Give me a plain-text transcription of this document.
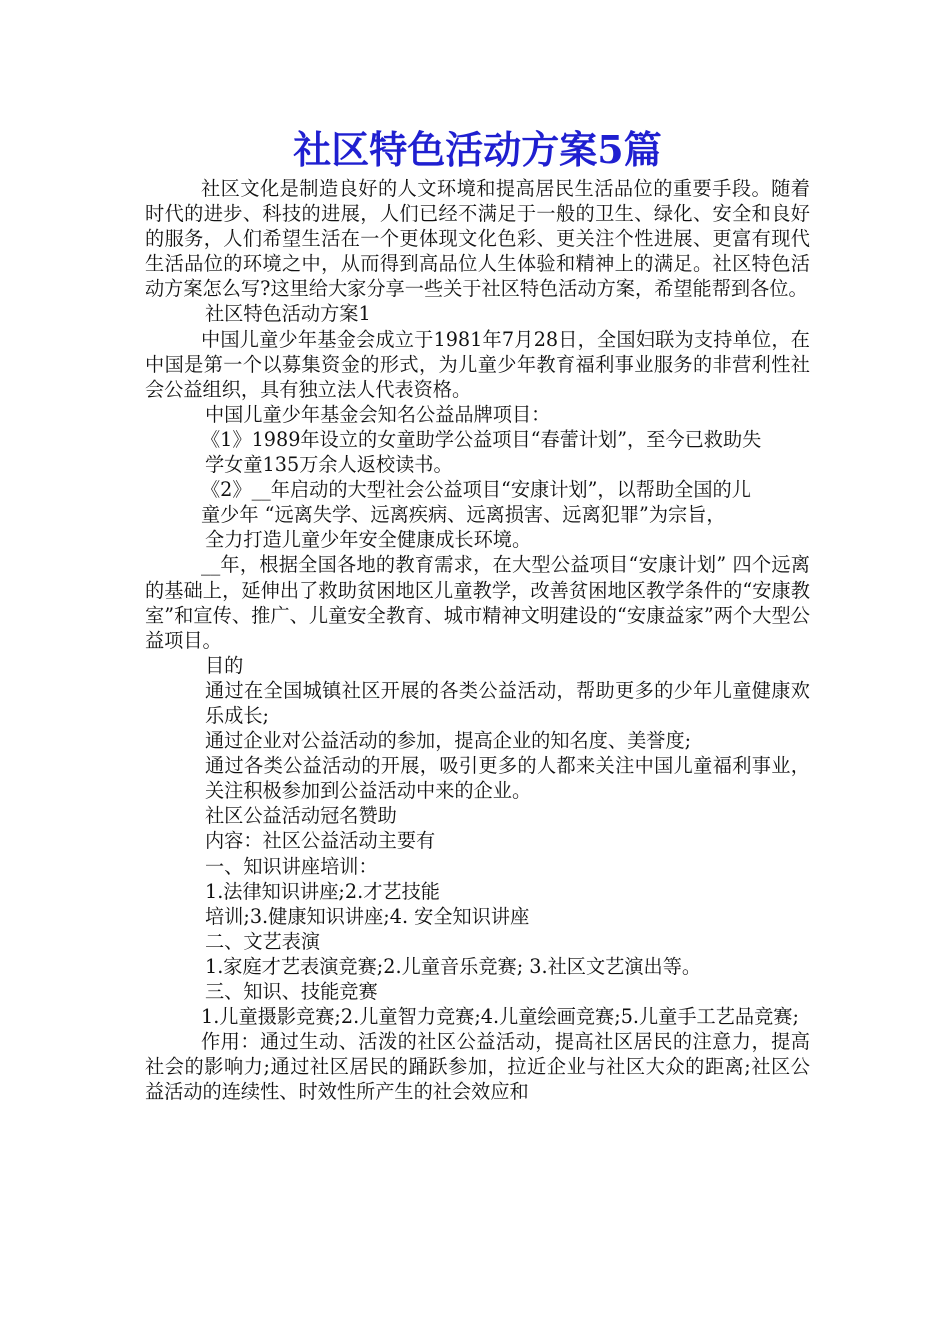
社区特色活动方案5篇

社区文化是制造良好的人文环境和提高居民生活品位的重要手段。随着时代的进步、科技的进展，人们已经不满足于一般的卫生、绿化、安全和良好的服务，人们希望生活在一个更体现文化色彩、更关注个性进展、更富有现代生活品位的环境之中，从而得到高品位人生体验和精神上的满足。社区特色活动方案怎么写?这里给大家分享一些关于社区特色活动方案，希望能帮到各位。

社区特色活动方案1

中国儿童少年基金会成立于1981年7月28日，全国妇联为支持单位，在中国是第一个以募集资金的形式，为儿童少年教育福利事业服务的非营利性社会公益组织，具有独立法人代表资格。

中国儿童少年基金会知名公益品牌项目：

《1》1989年设立的女童助学公益项目“春蕾计划”，至今已救助失

学女童135万余人返校读书。

《2》__年启动的大型社会公益项目“安康计划”，以帮助全国的儿

童少年 “远离失学、远离疾病、远离损害、远离犯罪”为宗旨，

全力打造儿童少年安全健康成长环境。

__年，根据全国各地的教育需求，在大型公益项目“安康计划” 四个远离的基础上，延伸出了救助贫困地区儿童教学，改善贫困地区教学条件的“安康教室”和宣传、推广、儿童安全教育、城市精神文明建设的“安康益家”两个大型公益项目。

目的

通过在全国城镇社区开展的各类公益活动，帮助更多的少年儿童健康欢乐成长;

通过企业对公益活动的参加，提高企业的知名度、美誉度;

通过各类公益活动的开展，吸引更多的人都来关注中国儿童福利事业，关注积极参加到公益活动中来的企业。

社区公益活动冠名赞助

内容：社区公益活动主要有

一、知识讲座培训：

1.法律知识讲座;2.才艺技能

培训;3.健康知识讲座;4. 安全知识讲座

二、文艺表演

1.家庭才艺表演竞赛;2.儿童音乐竞赛; 3.社区文艺演出等。

三、知识、技能竞赛

1.儿童摄影竞赛;2.儿童智力竞赛;4.儿童绘画竞赛;5.儿童手工艺品竞赛;

作用：通过生动、活泼的社区公益活动，提高社区居民的注意力，提高社会的影响力;通过社区居民的踊跃参加，拉近企业与社区大众的距离;社区公益活动的连续性、时效性所产生的社会效应和
